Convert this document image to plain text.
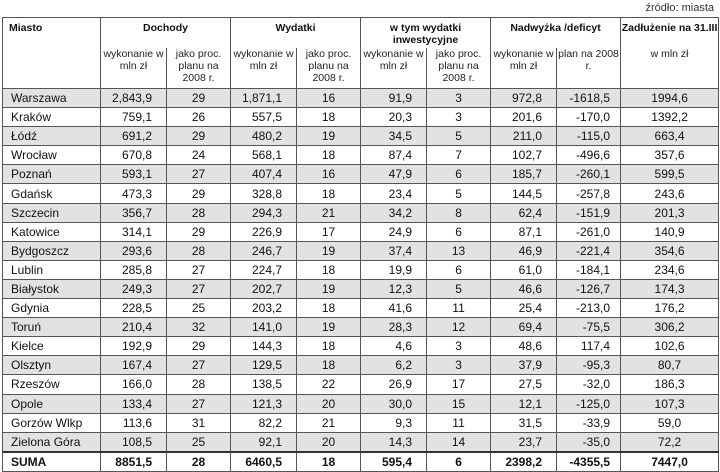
źródło: miasta
Miasto	Dochody		Wydatki		w tym wydatki inwestycyjne		Nadwyżka /deficyt		Zadłużenie na 31.III
	wykonanie w mln zł	jako proc. planu na 2008 r.	wykonanie w mln zł	jako proc. planu na 2008 r.	wykonanie w mln zł	jako proc. planu na 2008 r.	wykonanie w mln zł	plan na 2008 r.	w mln zł
Warszawa	2,843,9	29	1,871,1	16	91,9	3	972,8	-1618,5	1994,6
Kraków	759,1	26	557,5	18	20,3	3	201,6	-170,0	1392,2
Łódź	691,2	29	480,2	19	34,5	5	211,0	-115,0	663,4
Wrocław	670,8	24	568,1	18	87,4	7	102,7	-496,6	357,6
Poznań	593,1	27	407,4	16	47,9	6	185,7	-260,1	599,5
Gdańsk	473,3	29	328,8	18	23,4	5	144,5	-257,8	243,6
Szczecin	356,7	28	294,3	21	34,2	8	62,4	-151,9	201,3
Katowice	314,1	29	226,9	17	24,9	6	87,1	-261,0	140,9
Bydgoszcz	293,6	28	246,7	19	37,4	13	46,9	-221,4	354,6
Lublin	285,8	27	224,7	18	19,9	6	61,0	-184,1	234,6
Białystok	249,3	27	202,7	19	12,3	5	46,6	-126,7	174,3
Gdynia	228,5	25	203,2	18	41,6	11	25,4	-213,0	176,2
Toruń	210,4	32	141,0	19	28,3	12	69,4	-75,5	306,2
Kielce	192,9	29	144,3	18	4,6	3	48,6	117,4	102,6
Olsztyn	167,4	27	129,5	18	6,2	3	37,9	-95,3	80,7
Rzeszów	166,0	28	138,5	22	26,9	17	27,5	-32,0	186,3
Opole	133,4	27	121,3	20	30,0	15	12,1	-125,0	107,3
Gorzów Wlkp	113,6	31	82,2	21	9,3	11	31,5	-33,9	59,0
Zielona Góra	108,5	25	92,1	20	14,3	14	23,7	-35,0	72,2
SUMA	8851,5	28	6460,5	18	595,4	6	2398,2	-4355,5	7447,0
